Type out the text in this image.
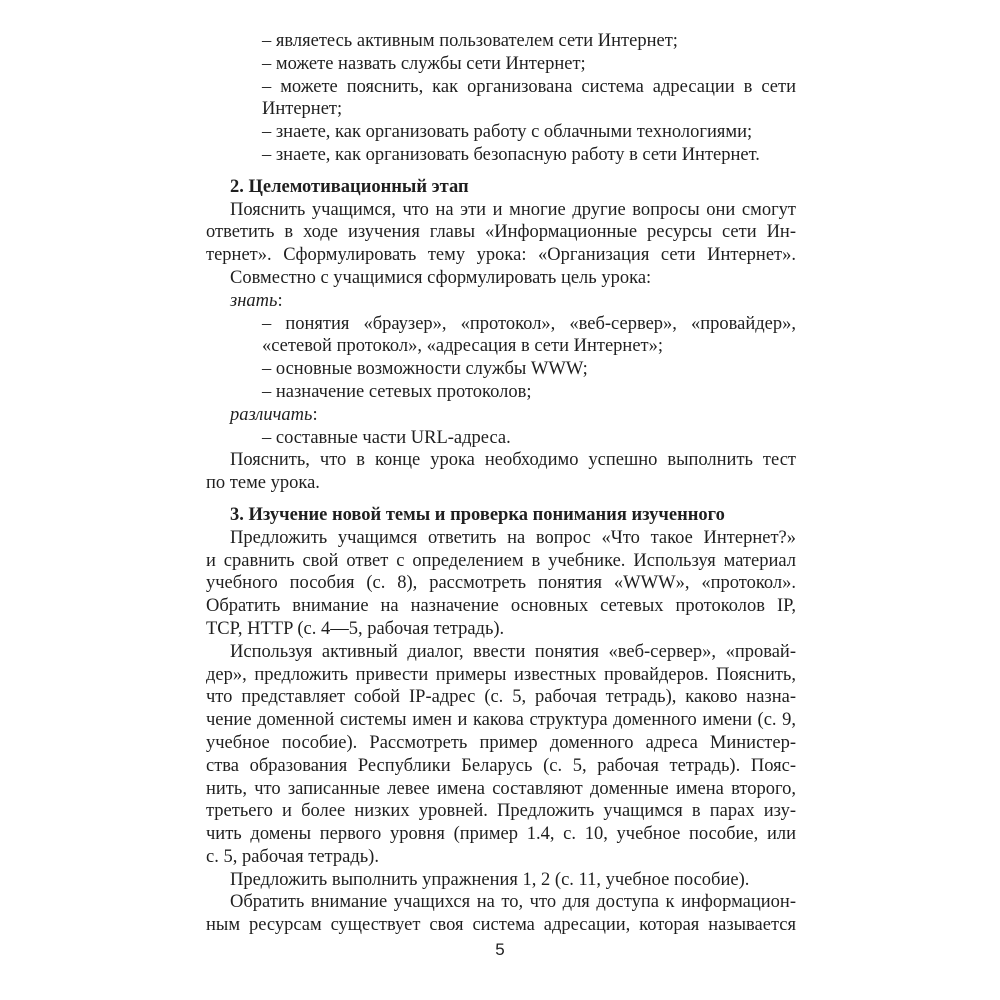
– являетесь активным пользователем сети Интернет;
– можете назвать службы сети Интернет;
– можете пояснить, как организована система адресации в сети
Интернет;
– знаете, как организовать работу с облачными технологиями;
– знаете, как организовать безопасную работу в сети Интернет.
2. Целемотивационный этап
Пояснить учащимся, что на эти и многие другие вопросы они смогут
ответить в ходе изучения главы «Информационные ресурсы сети Ин-
тернет». Сформулировать тему урока: «Организация сети Интернет».
Совместно с учащимися сформулировать цель урока:
знать:
– понятия «браузер», «протокол», «веб-сервер», «провайдер»,
«сетевой протокол», «адресация в сети Интернет»;
– основные возможности службы WWW;
– назначение сетевых протоколов;
различать:
– составные части URL-адреса.
Пояснить, что в конце урока необходимо успешно выполнить тест
по теме урока.
3. Изучение новой темы и проверка понимания изученного
Предложить учащимся ответить на вопрос «Что такое Интернет?»
и сравнить свой ответ с определением в учебнике. Используя материал
учебного пособия (с. 8), рассмотреть понятия «WWW», «протокол».
Обратить внимание на назначение основных сетевых протоколов IP,
TCP, HTTP (с. 4—5, рабочая тетрадь).
Используя активный диалог, ввести понятия «веб-сервер», «провай-
дер», предложить привести примеры известных провайдеров. Пояснить,
что представляет собой IP-адрес (с. 5, рабочая тетрадь), каково назна-
чение доменной системы имен и какова структура доменного имени (с. 9,
учебное пособие). Рассмотреть пример доменного адреса Министер-
ства образования Республики Беларусь (с. 5, рабочая тетрадь). Пояс-
нить, что записанные левее имена составляют доменные имена второго,
третьего и более низких уровней. Предложить учащимся в парах изу-
чить домены первого уровня (пример 1.4, с. 10, учебное пособие, или
с. 5, рабочая тетрадь).
Предложить выполнить упражнения 1, 2 (с. 11, учебное пособие).
Обратить внимание учащихся на то, что для доступа к информацион-
ным ресурсам существует своя система адресации, которая называется
5
